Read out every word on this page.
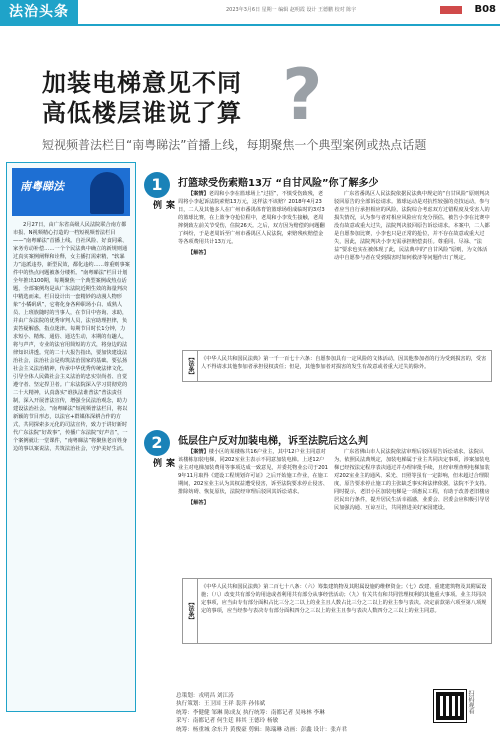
法治头条	2023年3月6日 星期一 编辑 赵明霞 设计 王德鹏 校对 陈宇	B08
加装电梯意见不同
高低楼层谁说了算 ?
短视频普法栏目“南粤睇法”首播上线，每期聚焦一个典型案例或热点话题
南粤睇法
2月27日，由广东省高级人民法院联合南方都市报、N视频精心打造的一档短视频普法栏目——“南粤睇法”首播上线。自社风险、好食同乘、家务劳动补偿……一个个民法典中确立的新规则通过真实案例阐释和诠释，女主播打需索精，“软暴力”违派违券，新型民效，都化违约……尊重则事案件中的热点问题被条分缕析。“南粤睇法”栏目计划全年推出100期，每期聚焦一个典型案例或热点话题，全部案例均是从广东法院近期生效的海量判决中精选而来。栏目设计出一套精妙的动漫人物形象“小橘矾矾”，它将化身各种职场小白、成熟人员、上班族随时的当事人，在节目中咨询、求助，并由广东法院的优秀审判人员，法官助理担律，负责答疑解惑，指点迷津。每期节目时长1分钟，力求短小、精炼、通俗、通达生动，本期的有趣人，将与声声，专业的法官用简短的方式，将身边的法律知识讲透。党的二十大报告指出，要加快建设法治社会，法治社会是构筑法治国家的基础。要弘扬社会主义法治精神，传承中华优秀传统法律文化，引导全体人民做社会主义法治的忠实崇尚者、自觉遵守者、坚定捍卫者。广东法院深入学习贯彻党的二十大精神，认真落实“谁执法谁普法”普法责任制，深入开展普法宣传，增强全民法治观念，助力建设法治社会。“南粤睇法”短视频普法栏目，将以新颖的节目形态，以法官+群媒体深耕合作的方式，共同探索多元化的司法宣传，致力于讲好新时代广东法院“好故事”，传播广东法院“好声音”，一个案例就让一堂课件，“南粤睇法”将聚焦老百姓身边的事以案说法，共筑法治社会，守护美好生活。
1
案例
打篮球受伤索赔13万 “自甘风险”你了解多少

【案情】老周和小李在篮球场上“过招”，不慎受伤致残，老周将小李起诉法院索赔13万元，这样法不该赔？2018年4月23日，二人及其他多人在广州市番禺体育馆篮球场组成临时的3对3的篮球比赛，在上篮争夺抢位程中，老周和小李发生接触，老周摔倒致左前关节受伤，住院26天。之后，双方因为赔偿的问题翻了纠纷，于是老周诉至广州市番禺区人民法院，索赔残疾赔偿金等各项费用共计13万元。

【解答】

广东省番禺区人民法院依据民法典中规定的“自甘风险”原则判决驳回原告的全部诉讼请求。篮球运动是对抗性较强的竞技运动，参与者应当自行承担相应的风险，法院综合考虑双方过错程度及受害人的损失情况，认为参与者对相应风险应有充分预估，被告小李在比赛中没有故意或重大过失，法院判决驳回原告诉讼请求。本案中，二人都是自愿参加比赛，小李也只是正常的抢位，并不存在故意或重大过失，因此，法院判决小李无需承担赔偿责任。尊重同、尽禄、“法益”要求也实在被体现了此，民法典中的“自甘风险”原则，为文体活动中自愿参与者在受到损害时如何救济等问题作出了规定。

【法条】	《中华人民共和国民法典》第一千一百七十六条：自愿参加具有一定风险的文体活动，因其他参加者的行为受到损害的，受害人不得请求其他参加者承担侵权责任；但是，其他参加者对损害的发生有故意或者重大过失的除外。
2
案例
低层住户反对加装电梯，诉至法院后这么判

【案情】楼小区的某楼栋共16户业主，其中12户业主同意对该楼栋加装电梯，同202室业主表示不同意加装电梯。上述12户业主对电梯加装费用等事项达成一致意见，并委托物业公司于2019年11月取得《建设工程规划许可证》之后开始施工作业，在施工期间，202室业主认为其权益遭受侵害，诉至法院要求停止侵害、排除妨碍、恢复原状，法院经审理后驳回其诉讼请求。

【解答】

广东省佛山市人民法院依法审理后驳回原告诉讼请求。法院认为，依照民法典规定，加装电梯属于业主共同决定事项，涉案加装电梯已经按法定程序表决通过并办理审批手续，且经审理查明电梯加装对202室业主的通风、采光、日照等虽有一定影响，但未超过合理限度，原告要求停止施工的主张缺乏事实和法律依据，法院不予支持。同时提示，老旧小区加装电梯是一项惠民工程，有助于改善老旧楼房居民出行条件，提升居民生活幸福感，业委会、居委会应积极引导居民加强沟通、互谅互让，共同推进美好家园建设。

【法条】
《中华人民共和国民法典》第二百七十八条：（六）筹集建筑物及其附属设施的维修资金；（七）改建、重建建筑物及其附属设施；（八）改变共有部分的用途或者利用共有部分从事经营活动；（九）有关共有和共同管理权利的其他重大事项。业主共同决定事项，应当由专有部分面积占比三分之二以上的业主且人数占比三分之二以上的业主参与表决。决定前款第六项至第八项规定的事项，应当经参与表决专有部分面积四分之三以上的业主且参与表决人数四分之三以上的业主同意。
总策划：戎明昌 刘江涛
执行策划：王卫国 王祥 裴萍 孙伟斌
统筹：李健健 邹琳 陈成友 执行统筹：南都记者 吴咏林 李琳
采写：南都记者 何生廷 韩其 王德玲 杨敏
统筹：杨重城 余东升 黄俊豪 剪辑：陈瑞琳 动画：彭鑫 设计：张卉君
扫码观看
